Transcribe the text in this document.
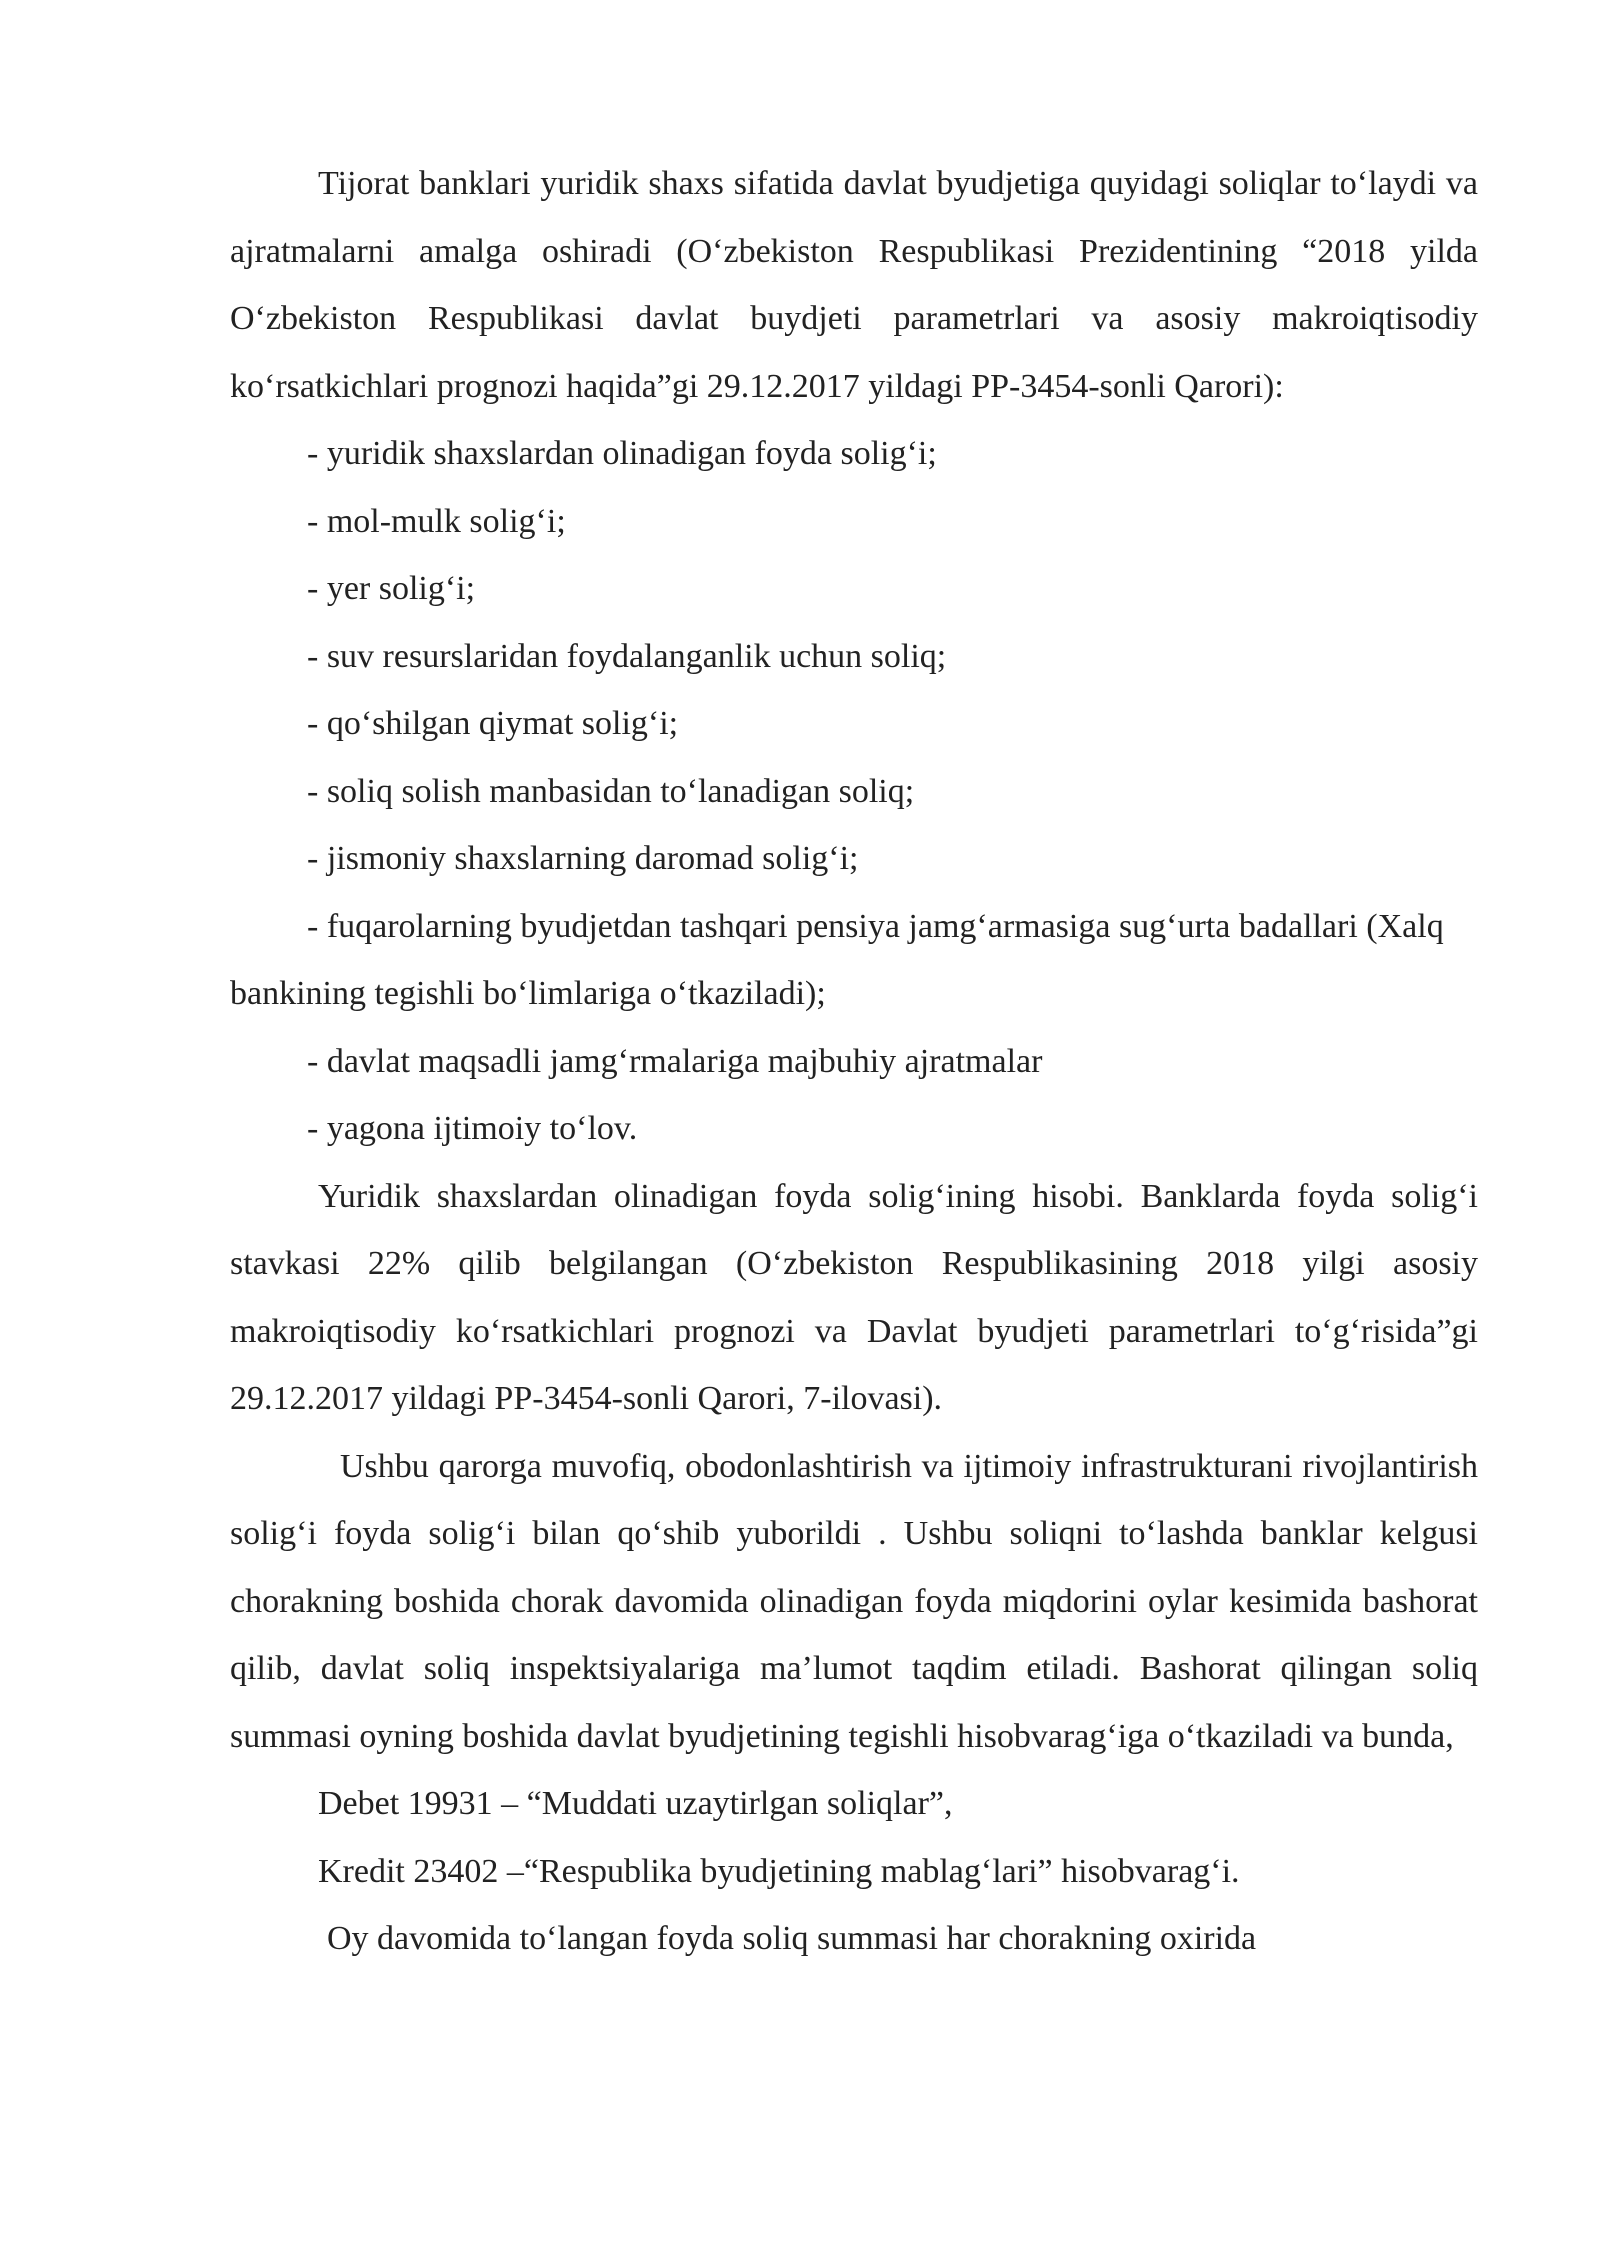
Tijorat banklari yuridik shaxs sifatida davlat byudjetiga quyidagi soliqlar to‘laydi va ajratmalarni amalga oshiradi (O‘zbekiston Respublikasi Prezidentining “2018 yilda O‘zbekiston Respublikasi davlat buydjeti parametrlari va asosiy makroiqtisodiy ko‘rsatkichlari prognozi haqida”gi 29.12.2017 yildagi PP-3454-sonli Qarori):

- yuridik shaxslardan olinadigan foyda solig‘i;

- mol-mulk solig‘i;

- yer solig‘i;

- suv resurslaridan foydalanganlik uchun soliq;

- qo‘shilgan qiymat solig‘i;

- soliq solish manbasidan to‘lanadigan soliq;

- jismoniy shaxslarning daromad solig‘i;

- fuqarolarning byudjetdan tashqari pensiya jamg‘armasiga sug‘urta badallari (Xalq bankining tegishli bo‘limlariga o‘tkaziladi);

- davlat maqsadli jamg‘rmalariga majbuhiy ajratmalar

- yagona ijtimoiy to‘lov.

Yuridik shaxslardan olinadigan foyda solig‘ining hisobi. Banklarda foyda solig‘i stavkasi 22% qilib belgilangan (O‘zbekiston Respublikasining 2018 yilgi asosiy makroiqtisodiy ko‘rsatkichlari prognozi va Davlat byudjeti parametrlari to‘g‘risida”gi 29.12.2017 yildagi PP-3454-sonli Qarori, 7-ilovasi).

Ushbu qarorga muvofiq, obodonlashtirish va ijtimoiy infrastrukturani rivojlantirish solig‘i foyda solig‘i bilan qo‘shib yuborildi . Ushbu soliqni to‘lashda banklar kelgusi chorakning boshida chorak davomida olinadigan foyda miqdorini oylar kesimida bashorat qilib, davlat soliq inspektsiyalariga ma’lumot taqdim etiladi. Bashorat qilingan soliq summasi oyning boshida davlat byudjetining tegishli hisobvarag‘iga o‘tkaziladi va bunda,

Debet 19931 – “Muddati uzaytirlgan soliqlar”,

Kredit 23402 –“Respublika byudjetining mablag‘lari” hisobvarag‘i.

Oy davomida to‘langan foyda soliq summasi har chorakning oxirida
